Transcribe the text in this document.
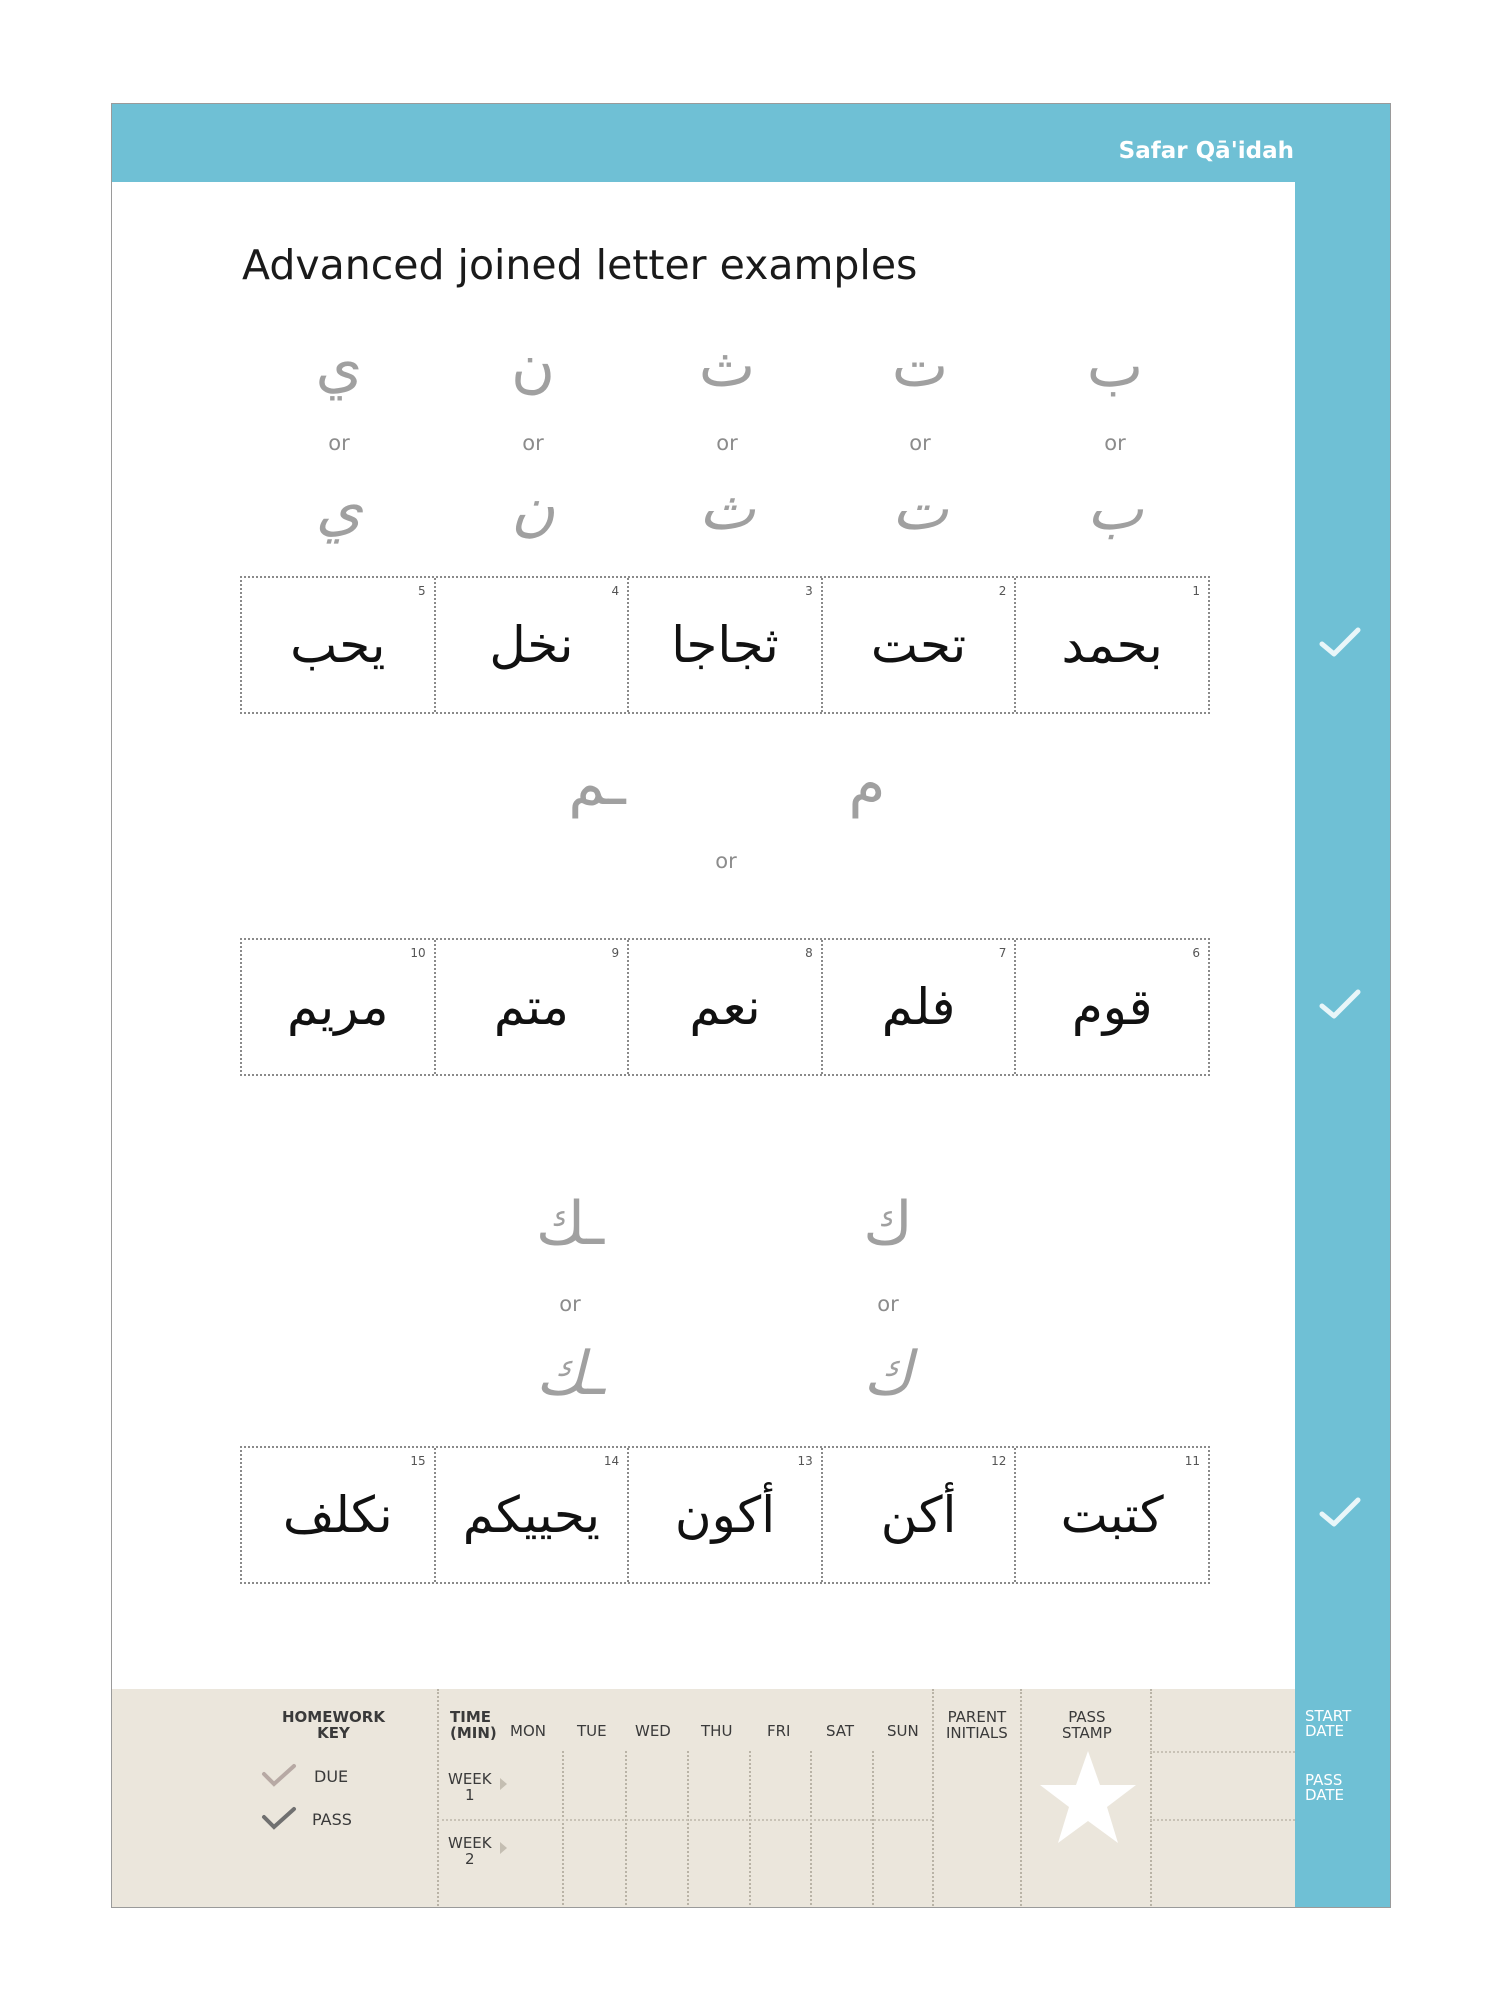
Safar Qā'idah
Advanced joined letter examples
ي	ن	ث	ت	ب
or	or	or	or	or
ي	ن	ث	ت	ب
5
يحب
4
نخل
3
ثجاجا
2
تحت
1
بحمد
ـم
or
م
10
مريم
9
متم
8
نعم
7
فلم
6
قوم
ـك	ك
or	or
ـك	ك
15
نكلف
14
يحييكم
13
أكون
12
أكن
11
كتبت
HOMEWORK
KEY
DUE
PASS
TIME
(MIN) MON TUE WED THU FRI SAT SUN
PARENT
INITIALS
PASS
STAMP
WEEK
1
WEEK
2
START
DATE
PASS
DATE
